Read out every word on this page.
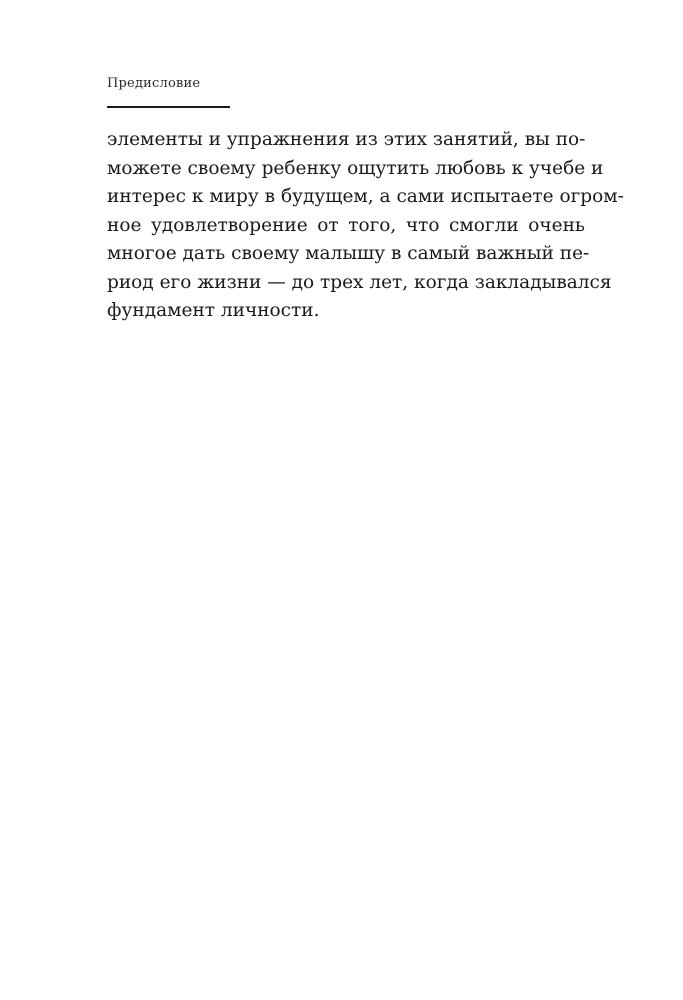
Предисловие

элементы и упражнения из этих занятий, вы по-
можете своему ребенку ощутить любовь к учебе и
интерес к миру в будущем, а сами испытаете огром-
ное удовлетворение от того, что смогли очень
многое дать своему малышу в самый важный пе-
риод его жизни — до трех лет, когда закладывался
фундамент личности.
